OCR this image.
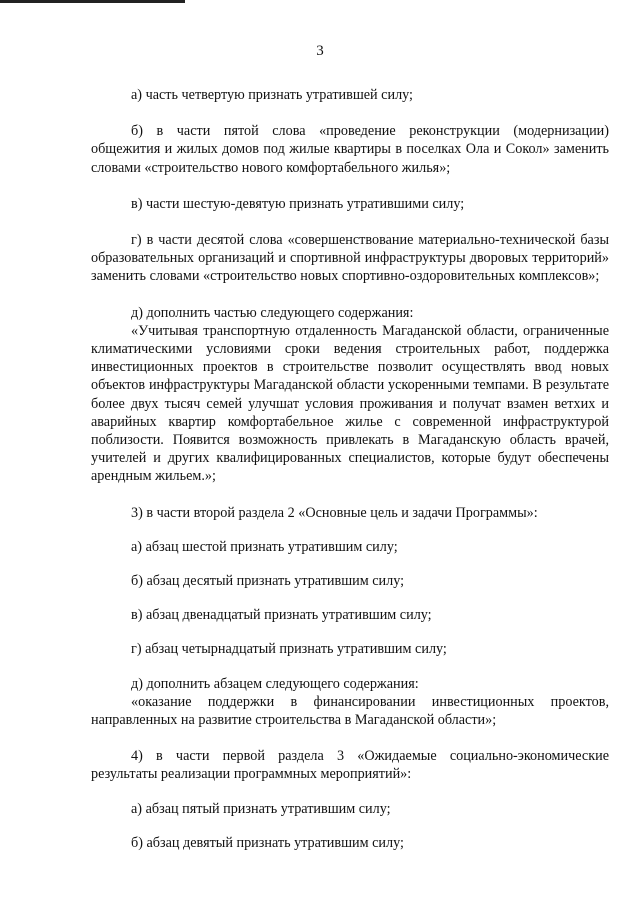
3

а) часть четвертую признать утратившей силу;

б) в части пятой слова «проведение реконструкции (модернизации) общежития и жилых домов под жилые квартиры в поселках Ола и Сокол» заменить словами «строительство нового комфортабельного жилья»;

в) части шестую-девятую признать утратившими силу;

г) в части десятой слова «совершенствование материально-технической базы образовательных организаций и спортивной инфраструктуры дворовых территорий» заменить словами «строительство новых спортивно-оздоровительных комплексов»;

д) дополнить частью следующего содержания:

«Учитывая транспортную отдаленность Магаданской области, ограниченные климатическими условиями сроки ведения строительных работ, поддержка инвестиционных проектов в строительстве позволит осуществлять ввод новых объектов инфраструктуры Магаданской области ускоренными темпами. В результате более двух тысяч семей улучшат условия проживания и получат взамен ветхих и аварийных квартир комфортабельное жилье с современной инфраструктурой поблизости. Появится возможность привлекать в Магаданскую область врачей, учителей и других квалифицированных специалистов, которые будут обеспечены арендным жильем.»;

3) в части второй раздела 2 «Основные цель и задачи Программы»:

а) абзац шестой признать утратившим силу;

б) абзац десятый признать утратившим силу;

в) абзац двенадцатый признать утратившим силу;

г) абзац четырнадцатый признать утратившим силу;

д) дополнить абзацем следующего содержания:

«оказание поддержки в финансировании инвестиционных проектов, направленных на развитие строительства в Магаданской области»;

4) в части первой раздела 3 «Ожидаемые социально-экономические результаты реализации программных мероприятий»:

а) абзац пятый признать утратившим силу;

б) абзац девятый признать утратившим силу;
